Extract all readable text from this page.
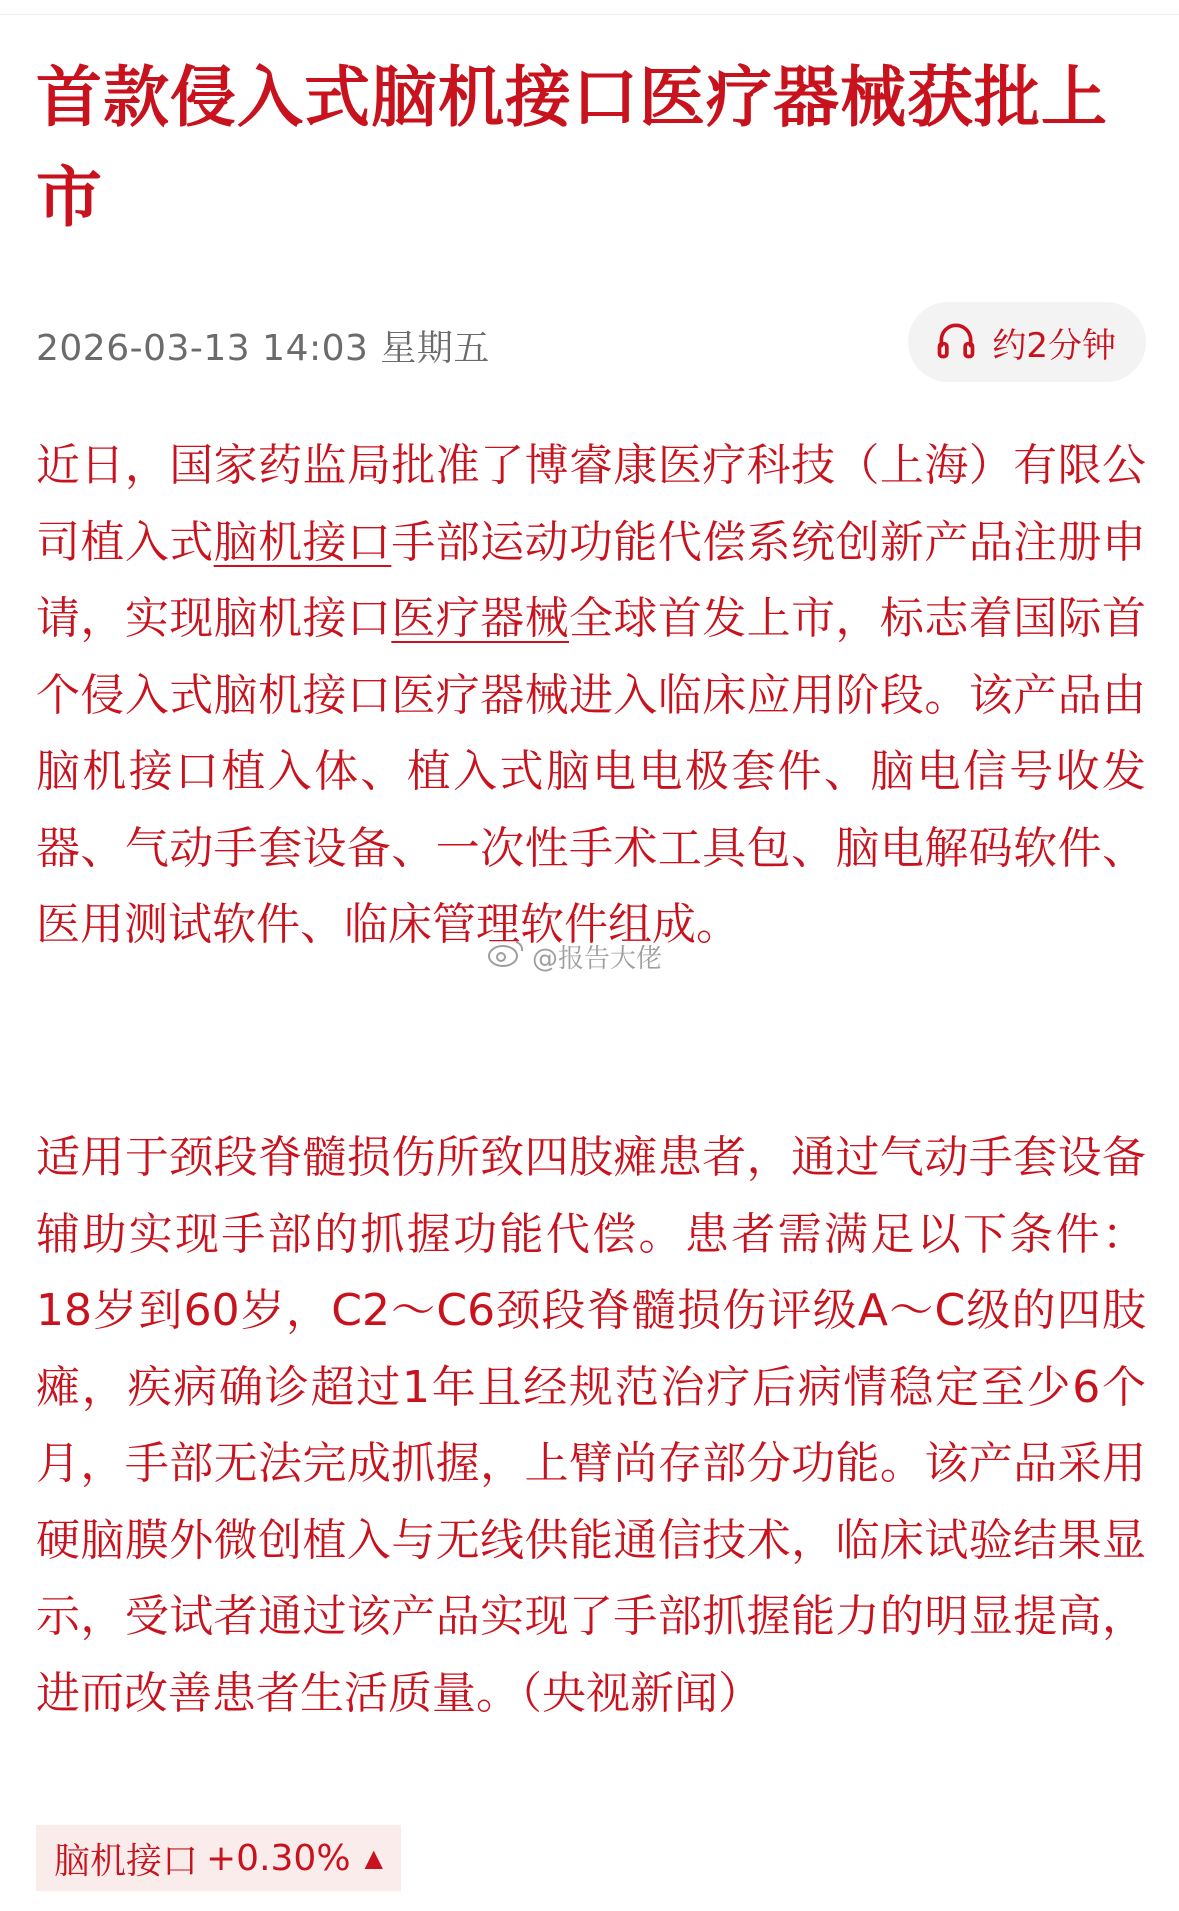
首款侵入式脑机接口医疗器械获批上市
2026-03-13 14:03 星期五	约2分钟

近日，国家药监局批准了博睿康医疗科技（上海）有限公司植入式脑机接口手部运动功能代偿系统创新产品注册申请，实现脑机接口医疗器械全球首发上市，标志着国际首个侵入式脑机接口医疗器械进入临床应用阶段。该产品由脑机接口植入体、植入式脑电电极套件、脑电信号收发器、气动手套设备、一次性手术工具包、脑电解码软件、医用测试软件、临床管理软件组成。

@报告大佬

适用于颈段脊髓损伤所致四肢瘫患者，通过气动手套设备辅助实现手部的抓握功能代偿。患者需满足以下条件：18岁到60岁，C2～C6颈段脊髓损伤评级A～C级的四肢瘫，疾病确诊超过1年且经规范治疗后病情稳定至少6个月，手部无法完成抓握，上臂尚存部分功能。该产品采用硬脑膜外微创植入与无线供能通信技术，临床试验结果显示，受试者通过该产品实现了手部抓握能力的明显提高，进而改善患者生活质量。（央视新闻）

脑机接口 +0.30% ▲
